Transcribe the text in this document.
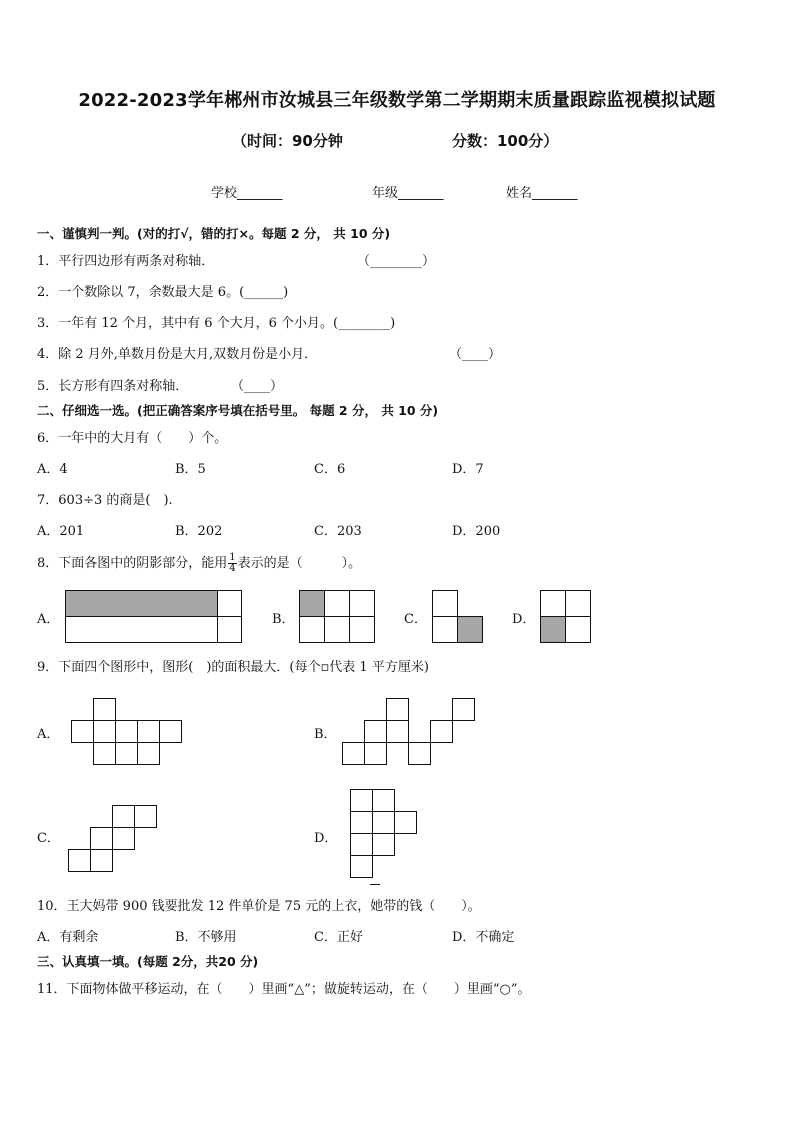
2022-2023学年郴州市汝城县三年级数学第二学期期末质量跟踪监视模拟试题
（时间：90分钟	分数：100分）
学校_______	年级_______	姓名_______
一、谨慎判一判。(对的打√，错的打×。每题 2 分， 共 10 分)
1．平行四边形有两条对称轴．	（________）
2．一个数除以 7，余数最大是 6。(______)
3．一年有 12 个月，其中有 6 个大月，6 个小月。(________)
4．除 2 月外,单数月份是大月,双数月份是小月．	（____）
5．长方形有四条对称轴．	（____）
二、仔细选一选。(把正确答案序号填在括号里。 每题 2 分， 共 10 分)
6．一年中的大月有（　　）个。
A．4	B．5	C．6	D．7
7．603÷3 的商是(　).
A．201	B．202	C．203	D．200
8．下面各图中的阴影部分，能用 $\frac{1}{4}$ 表示的是（　　　）。
A．	B．	C．	D．
9．下面四个图形中，图形(　)的面积最大．(每个▫代表 1 平方厘米)
A．	B．
C．	D．
10．王大妈带 900 钱要批发 12 件单价是 75 元的上衣，她带的钱（　　）。
A．有剩余	B．不够用	C．正好	D．不确定
三、认真填一填。(每题 2分，共20 分)
11．下面物体做平移运动，在（　　）里画“△”；做旋转运动，在（　　）里画“○”。
